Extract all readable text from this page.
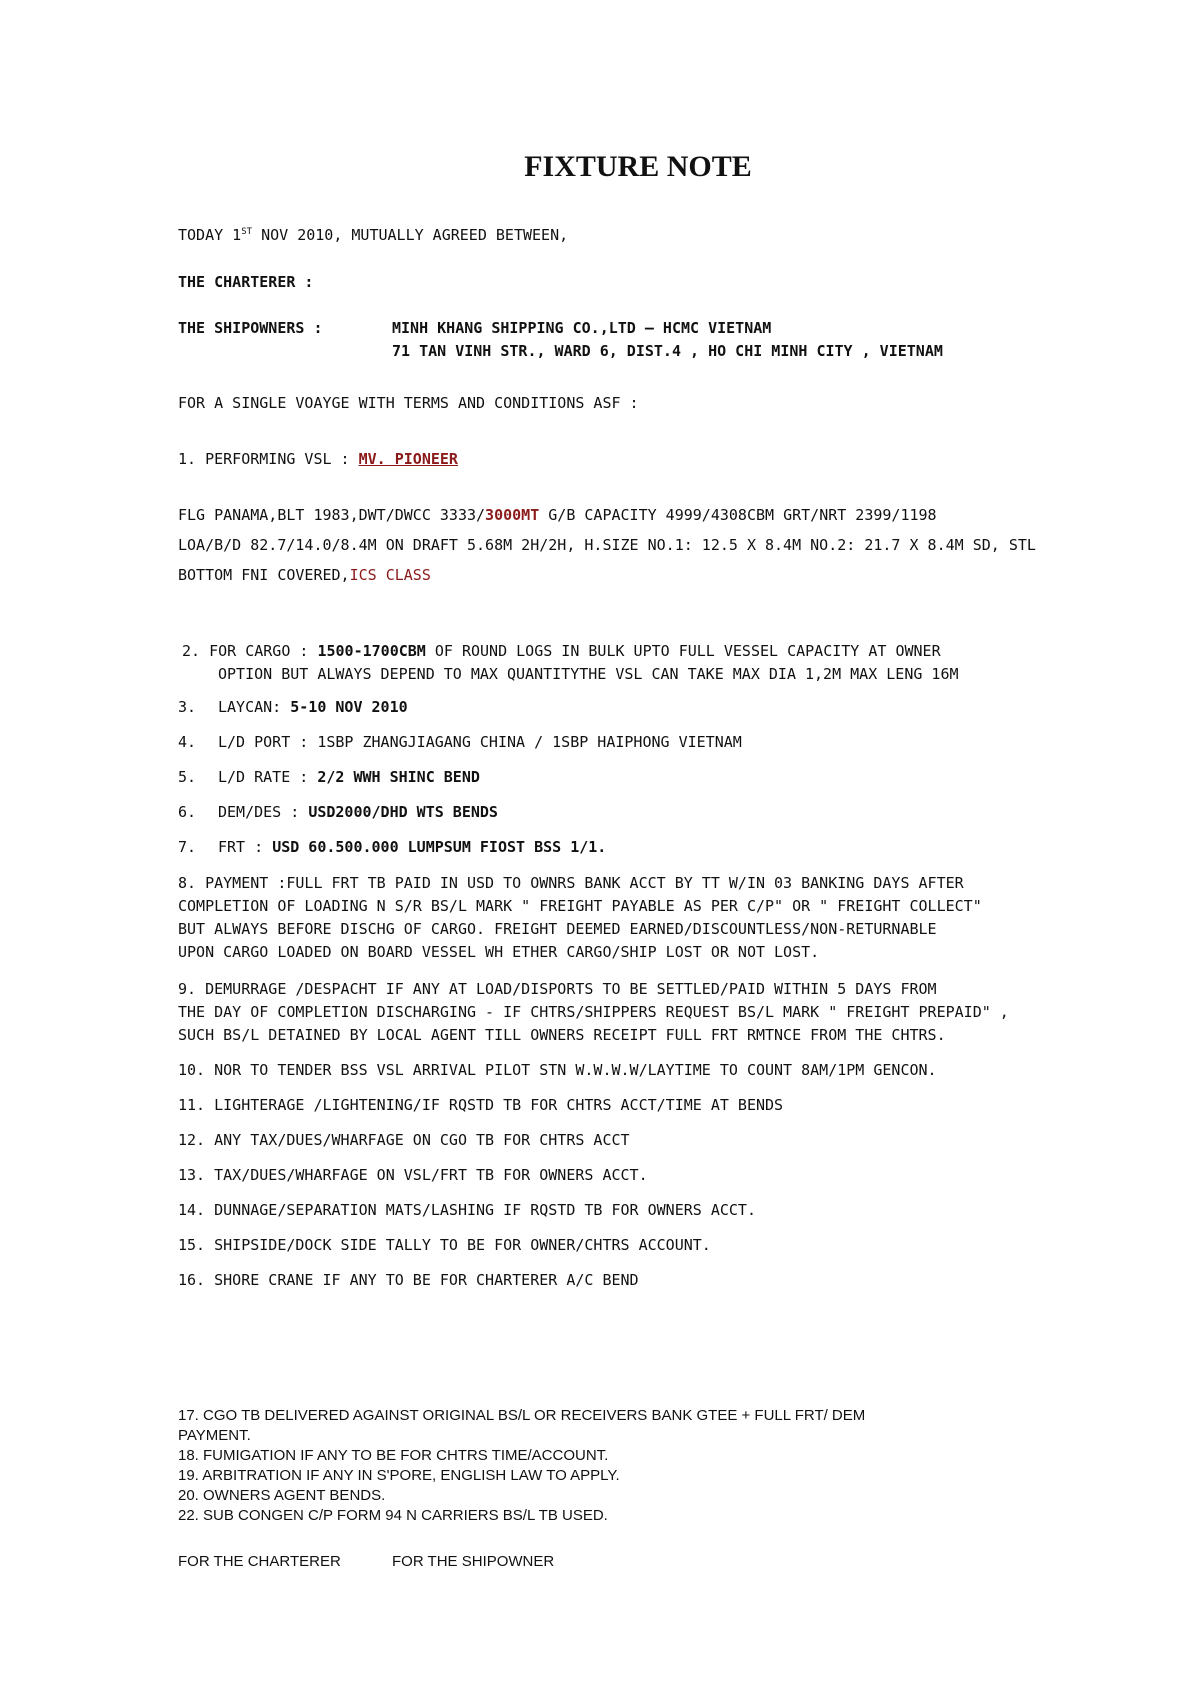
FIXTURE NOTE
TODAY 1ST NOV 2010, MUTUALLY AGREED BETWEEN,
THE CHARTERER :
THE SHIPOWNERS :	MINH KHANG SHIPPING CO.,LTD – HCMC VIETNAM
71 TAN VINH STR., WARD 6, DIST.4 , HO CHI MINH CITY , VIETNAM
FOR A SINGLE VOAYGE WITH TERMS AND CONDITIONS ASF :
1. PERFORMING VSL : MV. PIONEER
FLG PANAMA,BLT 1983,DWT/DWCC 3333/3000MT G/B CAPACITY 4999/4308CBM GRT/NRT 2399/1198
LOA/B/D 82.7/14.0/8.4M ON DRAFT 5.68M 2H/2H, H.SIZE NO.1: 12.5 X 8.4M NO.2: 21.7 X 8.4M SD, STL
BOTTOM FNI COVERED,ICS CLASS
2. FOR CARGO : 1500-1700CBM OF ROUND LOGS IN BULK UPTO FULL VESSEL CAPACITY AT OWNER
OPTION BUT ALWAYS DEPEND TO MAX QUANTITYTHE VSL CAN TAKE MAX DIA 1,2M MAX LENG 16M
3. LAYCAN: 5-10 NOV 2010
4. L/D PORT : 1SBP ZHANGJIAGANG CHINA / 1SBP HAIPHONG VIETNAM
5. L/D RATE : 2/2 WWH SHINC BEND
6. DEM/DES : USD2000/DHD WTS BENDS
7. FRT : USD 60.500.000 LUMPSUM FIOST BSS 1/1.
8. PAYMENT :FULL FRT TB PAID IN USD TO OWNRS BANK ACCT BY TT W/IN 03 BANKING DAYS AFTER
COMPLETION OF LOADING N S/R BS/L MARK " FREIGHT PAYABLE AS PER C/P" OR " FREIGHT COLLECT"
BUT ALWAYS BEFORE DISCHG OF CARGO. FREIGHT DEEMED EARNED/DISCOUNTLESS/NON-RETURNABLE
UPON CARGO LOADED ON BOARD VESSEL WH ETHER CARGO/SHIP LOST OR NOT LOST.
9. DEMURRAGE /DESPACHT IF ANY AT LOAD/DISPORTS TO BE SETTLED/PAID WITHIN 5 DAYS FROM
THE DAY OF COMPLETION DISCHARGING - IF CHTRS/SHIPPERS REQUEST BS/L MARK " FREIGHT PREPAID" ,
SUCH BS/L DETAINED BY LOCAL AGENT TILL OWNERS RECEIPT FULL FRT RMTNCE FROM THE CHTRS.
10. NOR TO TENDER BSS VSL ARRIVAL PILOT STN W.W.W.W/LAYTIME TO COUNT 8AM/1PM GENCON.
11. LIGHTERAGE /LIGHTENING/IF RQSTD TB FOR CHTRS ACCT/TIME AT BENDS
12. ANY TAX/DUES/WHARFAGE ON CGO TB FOR CHTRS ACCT
13. TAX/DUES/WHARFAGE ON VSL/FRT TB FOR OWNERS ACCT.
14. DUNNAGE/SEPARATION MATS/LASHING IF RQSTD TB FOR OWNERS ACCT.
15. SHIPSIDE/DOCK SIDE TALLY TO BE FOR OWNER/CHTRS ACCOUNT.
16. SHORE CRANE IF ANY TO BE FOR CHARTERER A/C BEND
17. CGO TB DELIVERED AGAINST ORIGINAL BS/L OR RECEIVERS BANK GTEE + FULL FRT/ DEM
PAYMENT.
18. FUMIGATION IF ANY TO BE FOR CHTRS TIME/ACCOUNT.
19. ARBITRATION IF ANY IN S'PORE, ENGLISH LAW TO APPLY.
20. OWNERS AGENT BENDS.
22. SUB CONGEN C/P FORM 94 N CARRIERS BS/L TB USED.
FOR THE CHARTERER	FOR THE SHIPOWNER
